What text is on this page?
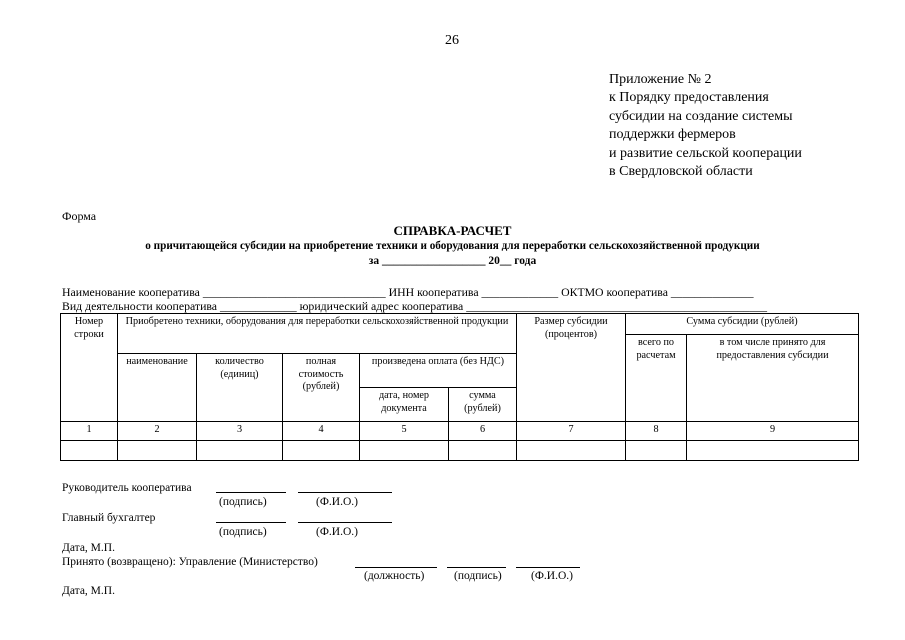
26
Приложение № 2
к Порядку предоставления
субсидии на создание системы
поддержки фермеров
и развитие сельской кооперации
в Свердловской области
Форма
СПРАВКА-РАСЧЕТ
о причитающейся субсидии на приобретение техники и оборудования для переработки сельскохозяйственной продукции
за __________________ 20__ года
Наименование кооператива _______________________________ ИНН кооператива _____________ ОКТМО кооператива ______________
Вид деятельности кооператива _____________ юридический адрес кооператива ___________________________________________________
Номер строки	Приобретено техники, оборудования для переработки сельскохозяйственной продукции					Размер субсидии (процентов)	Сумма субсидии (рублей)	
							всего по расчетам	в том числе принято для предоставления субсидии
	наименование	количество (единиц)	полная стоимость (рублей)	произведена оплата (без НДС)				
				дата, номер документа	сумма (рублей)			
1	2	3	4	5	6	7	8	9

Руководитель кооператива
(подпись)	(Ф.И.О.)
Главный бухгалтер
(подпись)	(Ф.И.О.)
Дата, М.П.
Принято (возвращено): Управление (Министерство)
(должность)	(подпись)	(Ф.И.О.)
Дата, М.П.
